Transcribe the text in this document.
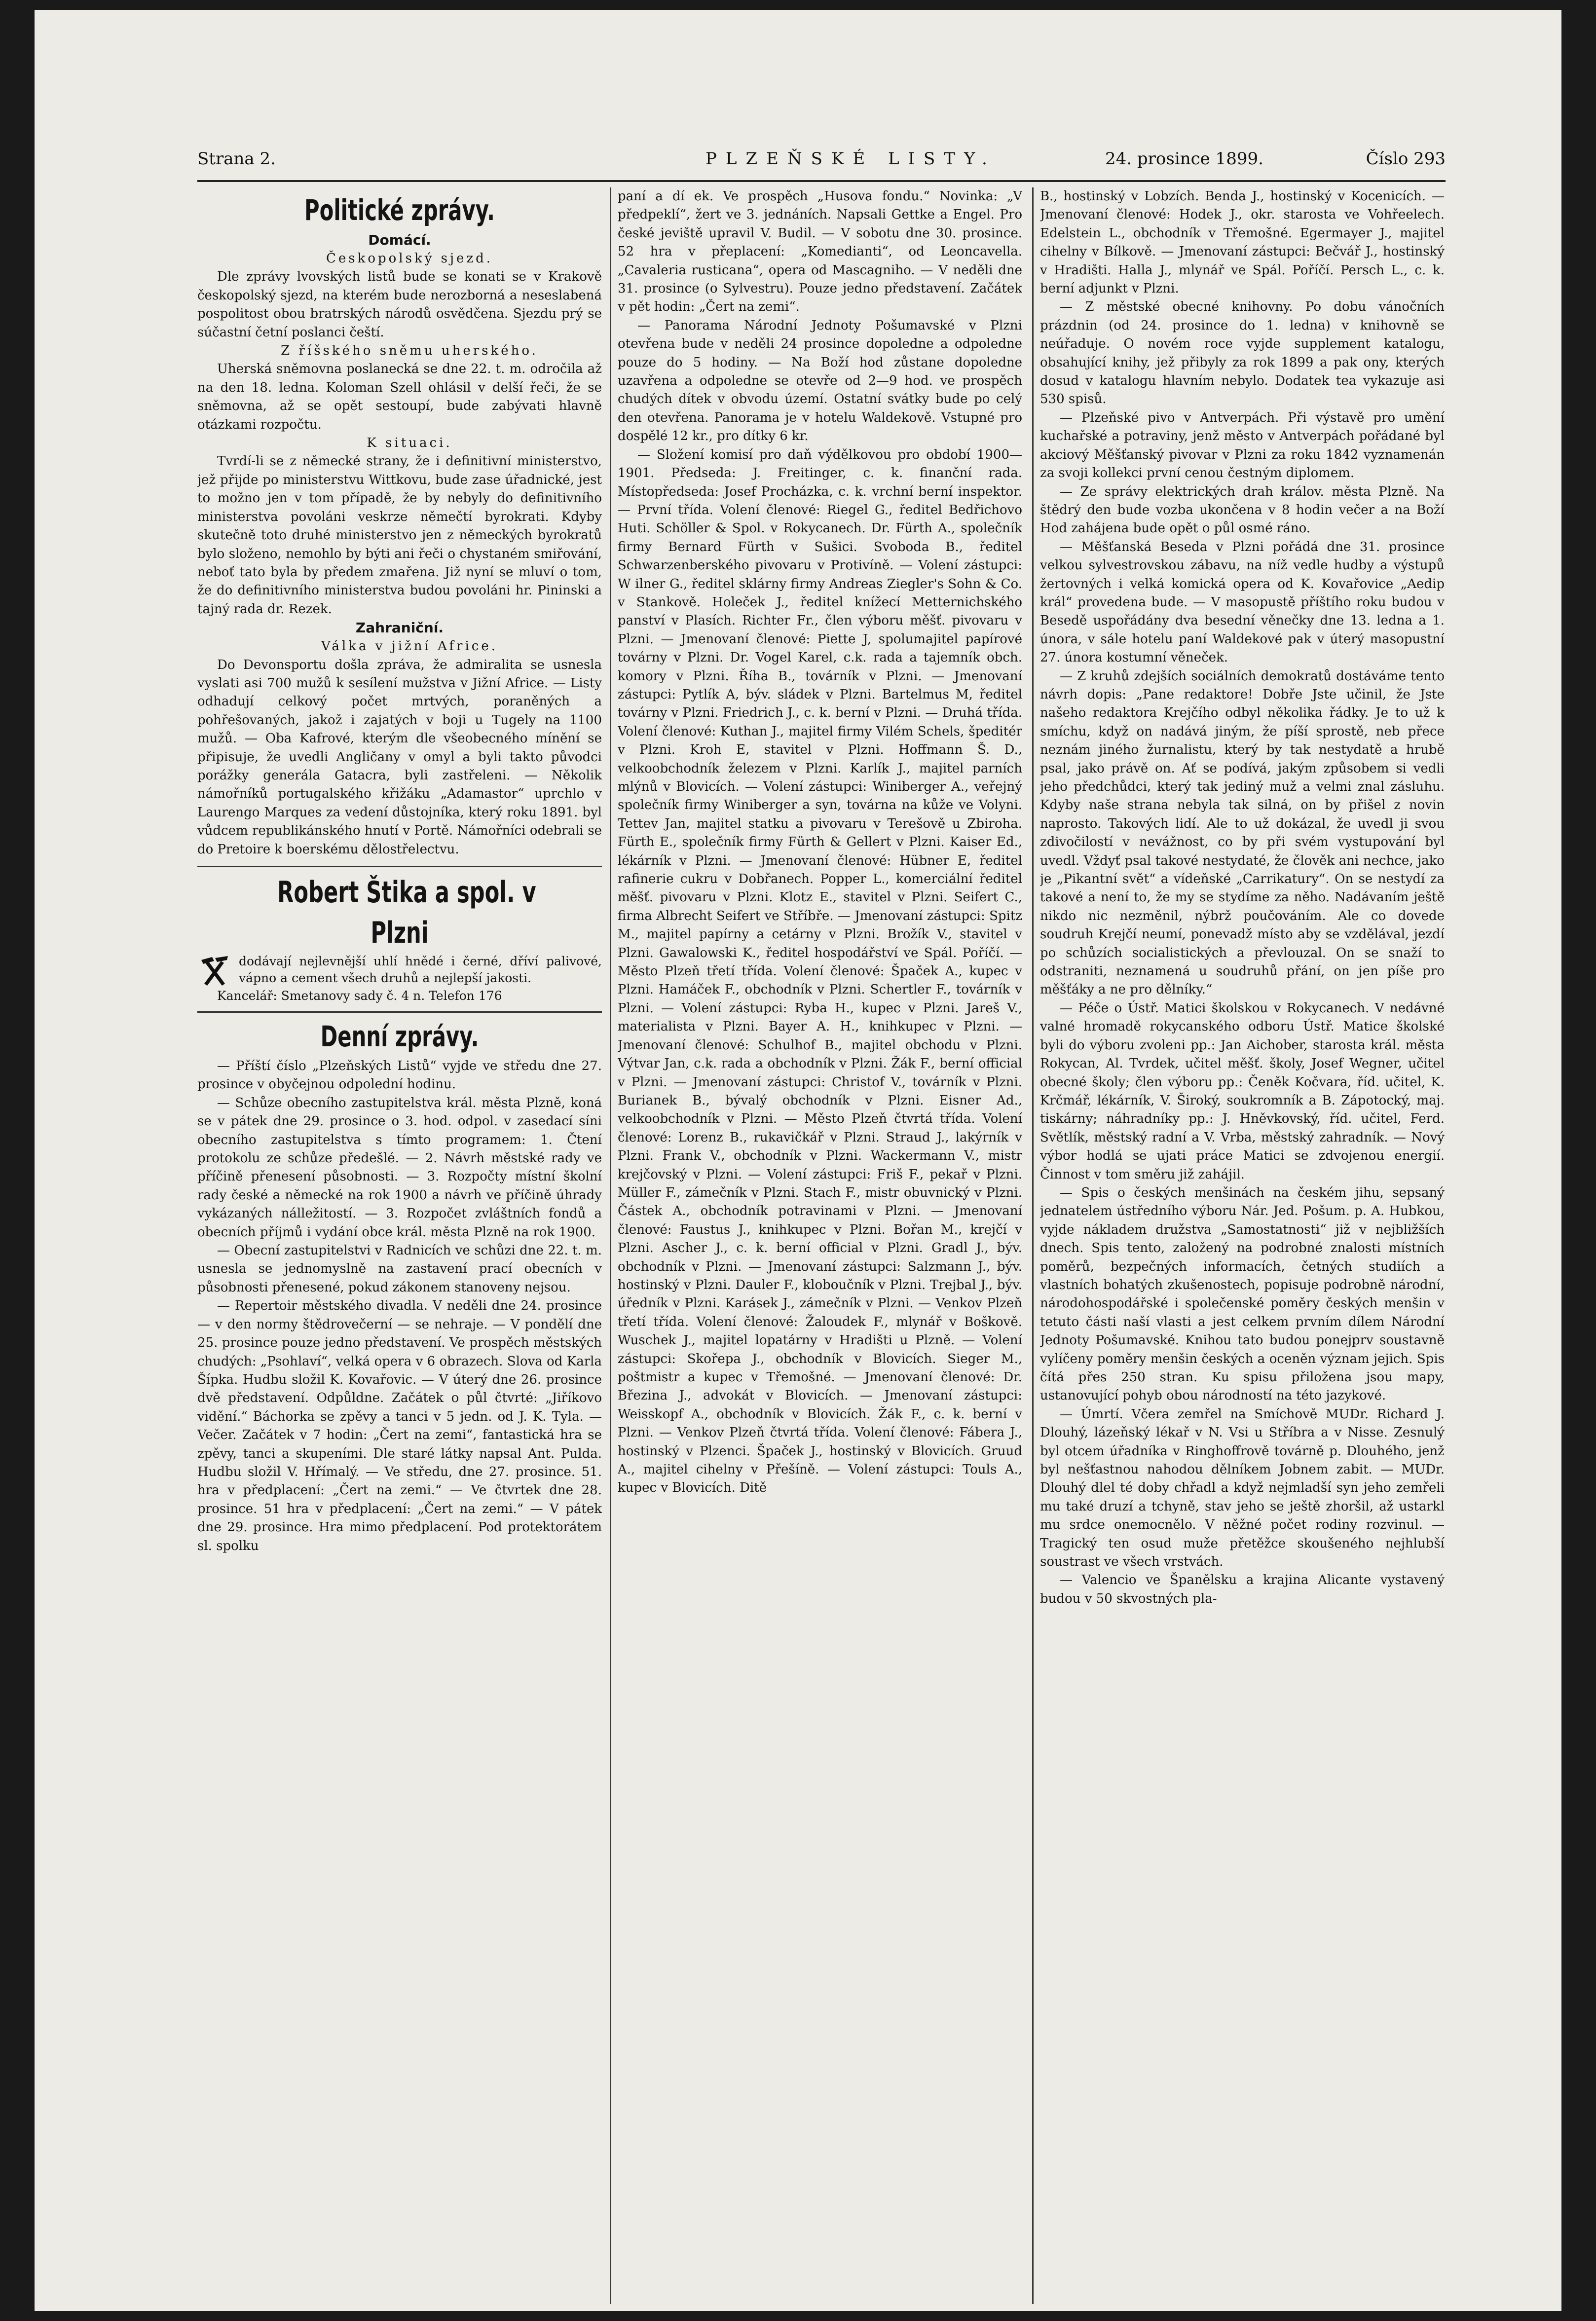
Strana 2.	PLZEŇSKÉ LISTY.	24. prosince 1899.	Číslo 293
Politické zprávy.
Domácí.

Českopolský sjezd.

Dle zprávy lvovských listů bude se konati se v Krakově českopolský sjezd, na kterém bude nerozborná a neseslabená pospolitost obou bratrských národů osvědčena. Sjezdu prý se súčastní četní poslanci čeští.

Z říšského sněmu uherského.

Uherská sněmovna poslanecká se dne 22. t. m. odročila až na den 18. ledna. Koloman Szell ohlásil v delší řeči, že se sněmovna, až se opět sestoupí, bude zabývati hlavně otázkami rozpočtu.

K situaci.

Tvrdí-li se z německé strany, že i definitivní ministerstvo, jež přijde po ministerstvu Wittkovu, bude zase úřadnické, jest to možno jen v tom případě, že by nebyly do definitivního ministerstva povoláni veskrze němečtí byrokrati. Kdyby skutečně toto druhé ministerstvo jen z německých byrokratů bylo složeno, nemohlo by býti ani řeči o chystaném smiřování, neboť tato byla by předem zmařena. Již nyní se mluví o tom, že do definitivního ministerstva budou povoláni hr. Pininski a tajný rada dr. Rezek.

Zahraniční.

Válka v jižní Africe.

Do Devonsportu došla zpráva, že admiralita se usnesla vyslati asi 700 mužů k sesílení mužstva v Jižní Africe. — Listy odhadují celkový počet mrtvých, poraněných a pohřešovaných, jakož i zajatých v boji u Tugely na 1100 mužů. — Oba Kafrové, kterým dle všeobecného mínění se připisuje, že uvedli Angličany v omyl a byli takto původci porážky generála Gatacra, byli zastřeleni. — Několik námořníků portugalského křižáku „Adamastor“ uprchlo v Laurengo Marques za vedení důstojníka, který roku 1891. byl vůdcem republikánského hnutí v Portě. Námořníci odebrali se do Pretoire k boerskému dělostřelectvu.

Robert Štika a spol. v Plzni

dodávají nejlevnější uhlí hnědé i černé, dříví palivové, vápno a cement všech druhů a nejlepší jakosti.

Kancelář: Smetanovy sady č. 4 n. Telefon 176

Denní zprávy.

— Příští číslo „Plzeňských Listů“ vyjde ve středu dne 27. prosince v obyčejnou odpolední hodinu.

— Schůze obecního zastupitelstva král. města Plzně, koná se v pátek dne 29. prosince o 3. hod. odpol. v zasedací síni obecního zastupitelstva s tímto programem: 1. Čtení protokolu ze schůze předešlé. — 2. Návrh městské rady ve příčině přenesení působnosti. — 3. Rozpočty místní školní rady české a německé na rok 1900 a návrh ve příčině úhrady vykázaných nálležitostí. — 3. Rozpočet zvláštních fondů a obecních příjmů i vydání obce král. města Plzně na rok 1900.

— Obecní zastupitelstvi v Radnicích ve schůzi dne 22. t. m. usnesla se jednomyslně na zastavení prací obecních v působnosti přenesené, pokud zákonem stanoveny nejsou.

— Repertoir městského divadla. V neděli dne 24. prosince — v den normy štědrovečerní — se nehraje. — V pondělí dne 25. prosince pouze jedno představení. Ve prospěch městských chudých: „Psohlaví“, velká opera v 6 obrazech. Slova od Karla Šípka. Hudbu složil K. Kovařovic. — V úterý dne 26. prosince dvě představení. Odpůldne. Začátek o půl čtvrté: „Jiříkovo vidění.“ Báchorka se zpěvy a tanci v 5 jedn. od J. K. Tyla. — Večer. Začátek v 7 hodin: „Čert na zemi“, fantastická hra se zpěvy, tanci a skupeními. Dle staré látky napsal Ant. Pulda. Hudbu složil V. Hřímalý. — Ve středu, dne 27. prosince. 51. hra v předplacení: „Čert na zemi.“ — Ve čtvrtek dne 28. prosince. 51 hra v předplacení: „Čert na zemi.“ — V pátek dne 29. prosince. Hra mimo předplacení. Pod protektorátem sl. spolku

paní a dí ek. Ve prospěch „Husova fondu.“ Novinka: „V předpeklí“, žert ve 3. jednáních. Napsali Gettke a Engel. Pro české jeviště upravil V. Budil. — V sobotu dne 30. prosince. 52 hra v přeplacení: „Komedianti“, od Leoncavella. „Cavaleria rusticana“, opera od Mascagniho. — V neděli dne 31. prosince (o Sylvestru). Pouze jedno představení. Začátek v pět hodin: „Čert na zemi“.

— Panorama Národní Jednoty Pošumavské v Plzni otevřena bude v neděli 24 prosince dopoledne a odpoledne pouze do 5 hodiny. — Na Boží hod zůstane dopoledne uzavřena a odpoledne se otevře od 2—9 hod. ve prospěch chudých dítek v obvodu území. Ostatní svátky bude po celý den otevřena. Panorama je v hotelu Waldekově. Vstupné pro dospělé 12 kr., pro dítky 6 kr.

— Složení komisí pro daň výdělkovou pro období 1900—1901. Předseda: J. Freitinger, c. k. finanční rada. Místopředseda: Josef Procházka, c. k. vrchní berní inspektor. — První třída. Volení členové: Riegel G., ředitel Bedřichovo Huti. Schöller & Spol. v Rokycanech. Dr. Fürth A., společník firmy Bernard Fürth v Sušici. Svoboda B., ředitel Schwarzenberského pivovaru v Protivíně. — Volení zástupci: W ilner G., ředitel sklárny firmy Andreas Ziegler's Sohn & Co. v Stankově. Holeček J., ředitel knížecí Metternichského panství v Plasích. Richter Fr., člen výboru měšť. pivovaru v Plzni. — Jmenovaní členové: Piette J, spolumajitel papírové továrny v Plzni. Dr. Vogel Karel, c.k. rada a tajemník obch. komory v Plzni. Říha B., továrník v Plzni. — Jmenovaní zástupci: Pytlík A, býv. sládek v Plzni. Bartelmus M, ředitel továrny v Plzni. Friedrich J., c. k. berní v Plzni. — Druhá třída. Volení členové: Kuthan J., majitel firmy Vilém Schels, špeditér v Plzni. Kroh E, stavitel v Plzni. Hoffmann Š. D., velkoobchodník železem v Plzni. Karlík J., majitel parních mlýnů v Blovicích. — Volení zástupci: Winiberger A., veřejný společník firmy Winiberger a syn, továrna na kůže ve Volyni. Tettev Jan, majitel statku a pivovaru v Terešově u Zbiroha. Fürth E., společník firmy Fürth & Gellert v Plzni. Kaiser Ed., lékárník v Plzni. — Jmenovaní členové: Hübner E, ředitel rafinerie cukru v Dobřanech. Popper L., komerciální ředitel měšť. pivovaru v Plzni. Klotz E., stavitel v Plzni. Seifert C., firma Albrecht Seifert ve Stříbře. — Jmenovaní zástupci: Spitz M., majitel papírny a cetárny v Plzni. Brožík V., stavitel v Plzni. Gawalowski K., ředitel hospodářství ve Spál. Poříčí. — Město Plzeň třetí třída. Volení členové: Špaček A., kupec v Plzni. Hamáček F., obchodník v Plzni. Schertler F., továrník v Plzni. — Volení zástupci: Ryba H., kupec v Plzni. Jareš V., materialista v Plzni. Bayer A. H., knihkupec v Plzni. — Jmenovaní členové: Schulhof B., majitel obchodu v Plzni. Výtvar Jan, c.k. rada a obchodník v Plzni. Žák F., berní official v Plzni. — Jmenovaní zástupci: Christof V., továrník v Plzni. Burianek B., bývalý obchodník v Plzni. Eisner Ad., velkoobchodník v Plzni. — Město Plzeň čtvrtá třída. Volení členové: Lorenz B., rukavičkář v Plzni. Straud J., lakýrník v Plzni. Frank V., obchodník v Plzni. Wackermann V., mistr krejčovský v Plzni. — Volení zástupci: Friš F., pekař v Plzni. Müller F., zámečník v Plzni. Stach F., mistr obuvnický v Plzni. Částek A., obchodník potravinami v Plzni. — Jmenovaní členové: Faustus J., knihkupec v Plzni. Bořan M., krejčí v Plzni. Ascher J., c. k. berní official v Plzni. Gradl J., býv. obchodník v Plzni. — Jmenovaní zástupci: Salzmann J., býv. hostinský v Plzni. Dauler F., kloboučník v Plzni. Trejbal J., býv. úředník v Plzni. Karásek J., zámečník v Plzni. — Venkov Plzeň třetí třída. Volení členové: Žaloudek F., mlynář v Boškově. Wuschek J., majitel lopatárny v Hradišti u Plzně. — Volení zástupci: Skořepa J., obchodník v Blovicích. Sieger M., poštmistr a kupec v Třemošné. — Jmenovaní členové: Dr. Březina J., advokát v Blovicích. — Jmenovaní zástupci: Weisskopf A., obchodník v Blovicích. Žák F., c. k. berní v Plzni. — Venkov Plzeň čtvrtá třída. Volení členové: Fábera J., hostinský v Plzenci. Špaček J., hostinský v Blovicích. Gruud A., majitel cihelny v Přešíně. — Volení zástupci: Touls A., kupec v Blovicích. Ditě

B., hostinský v Lobzích. Benda J., hostinský v Kocenicích. — Jmenovaní členové: Hodek J., okr. starosta ve Vohřeelech. Edelstein L., obchodník v Třemošné. Egermayer J., majitel cihelny v Bílkově. — Jmenovaní zástupci: Bečvář J., hostinský v Hradišti. Halla J., mlynář ve Spál. Poříčí. Persch L., c. k. berní adjunkt v Plzni.

— Z městské obecné knihovny. Po dobu vánočních prázdnin (od 24. prosince do 1. ledna) v knihovně se neúřaduje. O novém roce vyjde supplement katalogu, obsahující knihy, jež přibyly za rok 1899 a pak ony, kterých dosud v katalogu hlavním nebylo. Dodatek tea vykazuje asi 530 spisů.

— Plzeňské pivo v Antverpách. Při výstavě pro umění kuchařské a potraviny, jenž město v Antverpách pořádané byl akciový Měšťanský pivovar v Plzni za roku 1842 vyznamenán za svoji kollekci první cenou čestným diplomem.

— Ze správy elektrických drah králov. města Plzně. Na štědrý den bude vozba ukončena v 8 hodin večer a na Boží Hod zahájena bude opět o půl osmé ráno.

— Měšťanská Beseda v Plzni pořádá dne 31. prosince velkou sylvestrovskou zábavu, na níž vedle hudby a výstupů žertovných i velká komická opera od K. Kovařovice „Aedip král“ provedena bude. — V masopustě příštího roku budou v Besedě uspořádány dva besední věnečky dne 13. ledna a 1. února, v sále hotelu paní Waldekové pak v úterý masopustní 27. února kostumní věneček.

— Z kruhů zdejších sociálních demokratů dostáváme tento návrh dopis: „Pane redaktore! Dobře Jste učinil, že Jste našeho redaktora Krejčího odbyl několika řádky. Je to už k smíchu, když on nadává jiným, že píší sprostě, neb přece neznám jiného žurnalistu, který by tak nestydatě a hrubě psal, jako právě on. Ať se podívá, jakým způsobem si vedli jeho předchůdci, který tak jediný muž a velmi znal zásluhu. Kdyby naše strana nebyla tak silná, on by přišel z novin naprosto. Takových lidí. Ale to už dokázal, že uvedl ji svou zdivočilostí v nevážnost, co by při svém vystupování byl uvedl. Vždyť psal takové nestydaté, že člověk ani nechce, jako je „Pikantní svět“ a vídeňské „Carrikatury“. On se nestydí za takové a není to, že my se stydíme za něho. Nadávaním ještě nikdo nic nezměnil, nýbrž poučováním. Ale co dovede soudruh Krejčí neumí, ponevadž místo aby se vzdělával, jezdí po schůzích socialistických a převlouzal. On se snaží to odstraniti, neznamená u soudruhů přání, on jen píše pro měšťáky a ne pro dělníky.“

— Péče o Ústř. Matici školskou v Rokycanech. V nedávné valné hromadě rokycanského odboru Ústř. Matice školské byli do výboru zvoleni pp.: Jan Aichober, starosta král. města Rokycan, Al. Tvrdek, učitel měšť. školy, Josef Wegner, učitel obecné školy; člen výboru pp.: Čeněk Kočvara, říd. učitel, K. Krčmář, lékárník, V. Široký, soukromník a B. Zápotocký, maj. tiskárny; náhradníky pp.: J. Hněvkovský, říd. učitel, Ferd. Světlík, městský radní a V. Vrba, městský zahradník. — Nový výbor hodlá se ujati práce Matici se zdvojenou energií. Činnost v tom směru již zahájil.

— Spis o českých menšinách na českém jihu, sepsaný jednatelem ústředního výboru Nár. Jed. Pošum. p. A. Hubkou, vyjde nákladem družstva „Samostatnosti“ již v nejbližších dnech. Spis tento, založený na podrobné znalosti místních poměrů, bezpečných informacích, četných studiích a vlastních bohatých zkušenostech, popisuje podrobně národní, národohospodářské i společenské poměry českých menšin v tetuto části naší vlasti a jest celkem prvním dílem Národní Jednoty Pošumavské. Knihou tato budou ponejprv soustavně vylíčeny poměry menšin českých a oceněn význam jejich. Spis čítá přes 250 stran. Ku spisu přiložena jsou mapy, ustanovující pohyb obou národností na této jazykové.

— Úmrtí. Včera zemřel na Smíchově MUDr. Richard J. Dlouhý, lázeňský lékař v N. Vsi u Stříbra a v Nisse. Zesnulý byl otcem úřadníka v Ringhoffrově továrně p. Dlouhého, jenž byl nešťastnou nahodou dělníkem Jobnem zabit. — MUDr. Dlouhý dlel té doby chřadl a když nejmladší syn jeho zemřeli mu také druzí a tchyně, stav jeho se ještě zhoršil, až ustarkl mu srdce onemocnělo. V něžné počet rodiny rozvinul. — Tragický ten osud muže přetěžce skoušeného nejhlubší soustrast ve všech vrstvách.

— Valencio ve Španělsku a krajina Alicante vystavený budou v 50 skvostných pla-
